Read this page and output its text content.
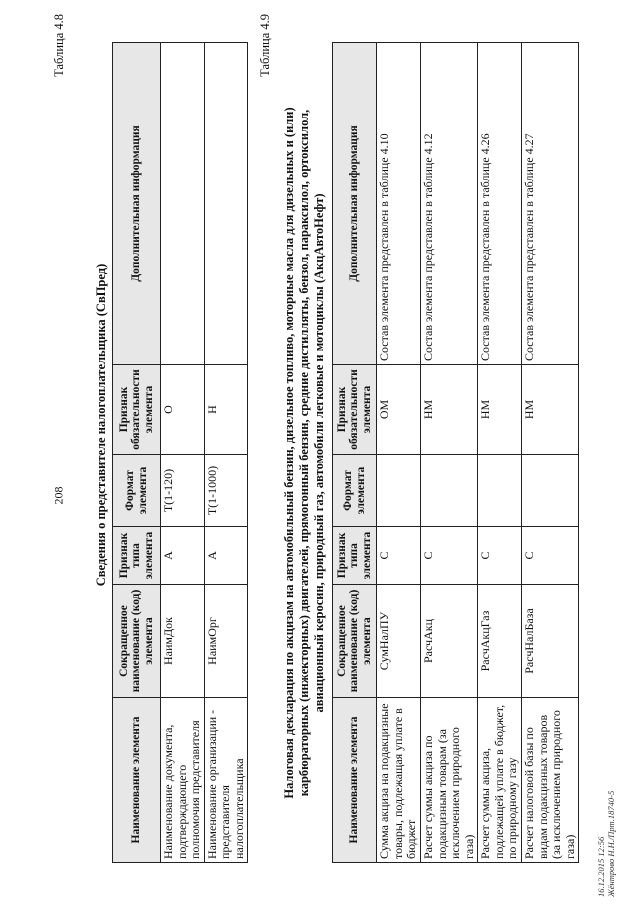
208
Таблица 4.8
Сведения о представителе налогоплательщика (СвПред)
Наименование элемента	Сокращенное наименование (код) элемента	Признак типа элемента	Формат элемента	Признак обязательности элемента	Дополнительная информация
Наименование документа, подтверждающего полномочия представителя	НаимДок	А	Т(1-120)	О	
Наименование организации - представителя налогоплательщика	НаимОрг	А	Т(1-1000)	Н	
Таблица 4.9
Налоговая декларация по акцизам на автомобильный бензин, дизельное топливо, моторные масла для дизельных и (или) карбюраторных (инжекторных) двигателей, прямогонный бензин, средние дистилляты, бензол, параксилол, ортоксилол, авиационный керосин, природный газ, автомобили легковые и мотоциклы (АкцАвтоНефт)
Наименование элемента	Сокращенное наименование (код) элемента	Признак типа элемента	Формат элемента	Признак обязательности элемента	Дополнительная информация
Сумма акциза на подакцизные товары, подлежащая уплате в бюджет	СумНалПУ	С		ОМ	Состав элемента представлен в таблице 4.10
Расчет суммы акциза по подакцизным товарам (за исключением природного газа)	РасчАкц	С		НМ	Состав элемента представлен в таблице 4.12
Расчет суммы акциза, подлежащей уплате в бюджет, по природному газу	РасчАкцГаз	С		НМ	Состав элемента представлен в таблице 4.26
Расчет налоговой базы по видам подакцизных товаров (за исключением природного газа)	РасчНалБаза	С		НМ	Состав элемента представлен в таблице 4.27
16.12.2015 12:56 Жёнтрово Н.Н./Прт.18740-5
